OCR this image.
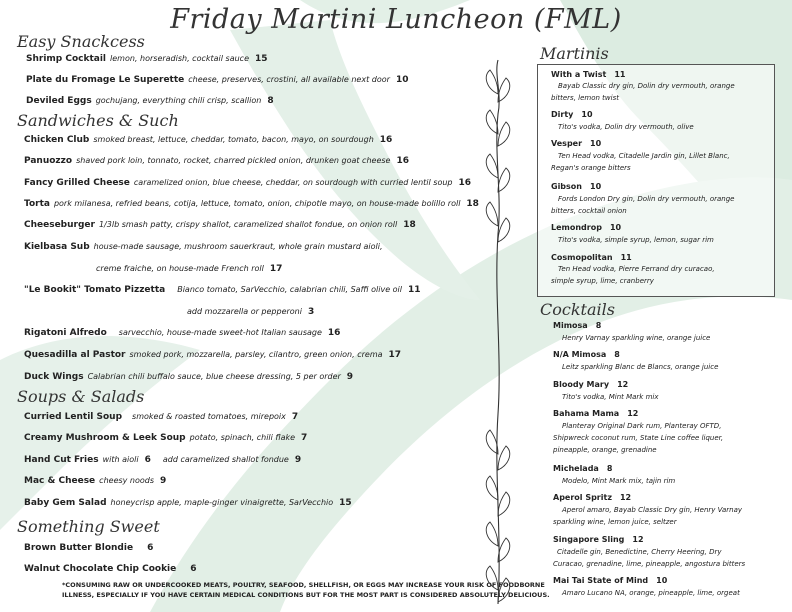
Friday Martini Luncheon (FML)
Easy Snackcess
Shrimp Cocktail lemon, horseradish, cocktail sauce 15
Plate du Fromage Le Superette cheese, preserves, crostini, all available next door 10
Deviled Eggs gochujang, everything chili crisp, scallion 8
Sandwiches & Such
Chicken Club smoked breast, lettuce, cheddar, tomato, bacon, mayo, on sourdough 16
Panuozzo shaved pork loin, tonnato, rocket, charred pickled onion, drunken goat cheese 16
Fancy Grilled Cheese caramelized onion, blue cheese, cheddar, on sourdough with curried lentil soup 16
Torta pork milanesa, refried beans, cotija, lettuce, tomato, onion, chipotle mayo, on house-made bolillo roll 18
Cheeseburger 1/3lb smash patty, crispy shallot, caramelized shallot fondue, on onion roll 18
Kielbasa Sub house-made sausage, mushroom sauerkraut, whole grain mustard aioli,
creme fraiche, on house-made French roll 17
"Le Bookit" Tomato Pizzetta Bianco tomato, SarVecchio, calabrian chili, Saffi olive oil 11
add mozzarella or pepperoni 3
Rigatoni Alfredo sarvecchio, house-made sweet-hot Italian sausage 16
Quesadilla al Pastor smoked pork, mozzarella, parsley, cilantro, green onion, crema 17
Duck Wings Calabrian chili buffalo sauce, blue cheese dressing, 5 per order 9
Soups & Salads
Curried Lentil Soup smoked & roasted tomatoes, mirepoix 7
Creamy Mushroom & Leek Soup potato, spinach, chili flake 7
Hand Cut Fries with aioli 6 add caramelized shallot fondue 9
Mac & Cheese cheesy noods 9
Baby Gem Salad honeycrisp apple, maple-ginger vinaigrette, SarVecchio 15
Something Sweet
Brown Butter Blondie 6
Walnut Chocolate Chip Cookie 6
*CONSUMING RAW OR UNDERCOOKED MEATS, POULTRY, SEAFOOD, SHELLFISH, OR EGGS MAY INCREASE YOUR RISK OF FOODBORNE
ILLNESS, ESPECIALLY IF YOU HAVE CERTAIN MEDICAL CONDITIONS BUT FOR THE MOST PART IS CONSIDERED ABSOLUTELY DELICIOUS.
Martinis
With a Twist 11
Bayab Classic dry gin, Dolin dry vermouth, orange
bitters, lemon twist
Dirty 10
Tito's vodka, Dolin dry vermouth, olive
Vesper 10
Ten Head vodka, Citadelle Jardin gin, Lillet Blanc,
Regan's orange bitters
Gibson 10
Fords London Dry gin, Dolin dry vermouth, orange
bitters, cocktail onion
Lemondrop 10
Tito's vodka, simple syrup, lemon, sugar rim
Cosmopolitan 11
Ten Head vodka, Pierre Ferrand dry curacao,
simple syrup, lime, cranberry
Cocktails
Mimosa 8
Henry Varnay sparkling wine, orange juice
N/A Mimosa 8
Leitz sparkling Blanc de Blancs, orange juice
Bloody Mary 12
Tito's vodka, Mint Mark mix
Bahama Mama 12
Planteray Original Dark rum, Planteray OFTD,
Shipwreck coconut rum, State Line coffee liquer,
pineapple, orange, grenadine
Michelada 8
Modelo, Mint Mark mix, tajin rim
Aperol Spritz 12
Aperol amaro, Bayab Classic Dry gin, Henry Varnay
sparkling wine, lemon juice, seltzer
Singapore Sling 12
Citadelle gin, Benedictine, Cherry Heering, Dry
Curacao, grenadine, lime, pineapple, angostura bitters
Mai Tai State of Mind 10
Amaro Lucano NA, orange, pineapple, lime, orgeat
